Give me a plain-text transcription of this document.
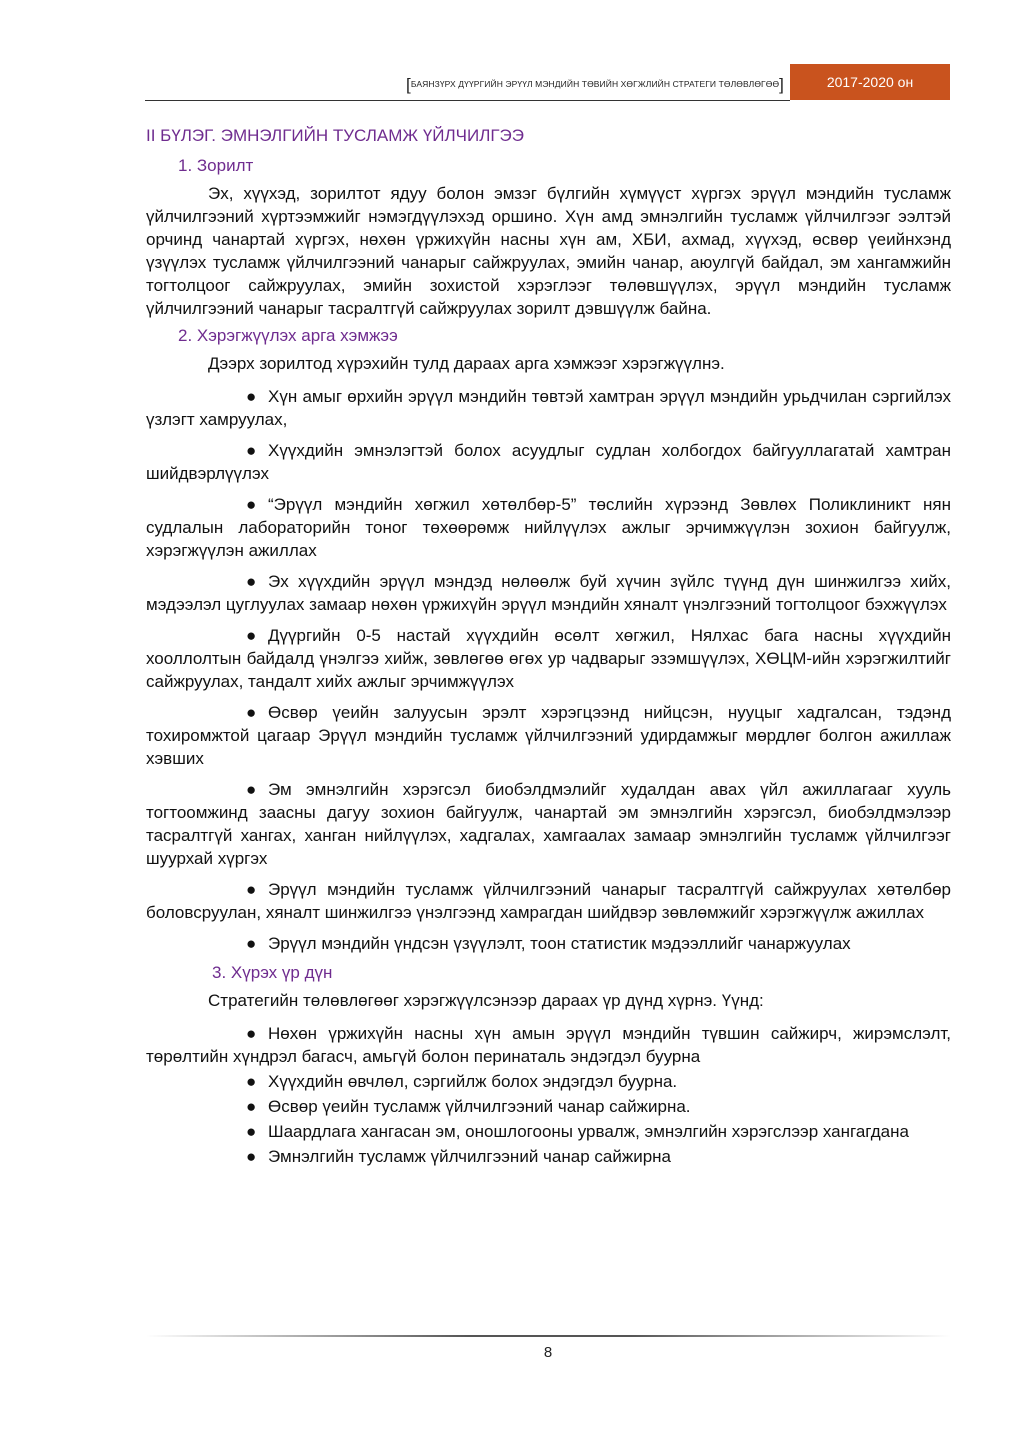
[БАЯНЗҮРХ ДҮҮРГИЙН ЭРҮҮЛ МЭНДИЙН ТӨВИЙН ХӨГЖЛИЙН СТРАТЕГИ ТӨЛӨВЛӨГӨӨ]	2017-2020 он
II БҮЛЭГ. ЭМНЭЛГИЙН ТУСЛАМЖ ҮЙЛЧИЛГЭЭ
1. Зорилт

Эх, хүүхэд, зорилтот ядуу болон эмзэг бүлгийн хүмүүст хүргэх эрүүл мэндийн тусламж үйлчилгээний хүртээмжийг нэмэгдүүлэхэд оршино. Хүн амд эмнэлгийн тусламж үйлчилгээг ээлтэй орчинд чанартай хүргэх, нөхөн үржихүйн насны хүн ам, ХБИ, ахмад, хүүхэд, өсвөр үеийнхэнд үзүүлэх тусламж үйлчилгээний чанарыг сайжруулах, эмийн чанар, аюулгүй байдал, эм хангамжийн тогтолцоог сайжруулах, эмийн зохистой хэрэглээг төлөвшүүлэх, эрүүл мэндийн тусламж үйлчилгээний чанарыг тасралтгүй сайжруулах зорилт дэвшүүлж байна.

2. Хэрэгжүүлэх арга хэмжээ

Дээрх зорилтод хүрэхийн тулд дараах арга хэмжээг хэрэгжүүлнэ.

● Хүн амыг өрхийн эрүүл мэндийн төвтэй хамтран эрүүл мэндийн урьдчилан сэргийлэх үзлэгт хамруулах,

● Хүүхдийн эмнэлэгтэй болох асуудлыг судлан холбогдох байгууллагатай хамтран шийдвэрлүүлэх

● “Эрүүл мэндийн хөгжил хөтөлбөр-5” төслийн хүрээнд Зөвлөх Поликлиникт нян судлалын лабораторийн тоног төхөөрөмж нийлүүлэх ажлыг эрчимжүүлэн зохион байгуулж, хэрэгжүүлэн ажиллах

● Эх хүүхдийн эрүүл мэндэд нөлөөлж буй хүчин зүйлс түүнд дүн шинжилгээ хийх, мэдээлэл цуглуулах замаар нөхөн үржихүйн эрүүл мэндийн хяналт үнэлгээний тогтолцоог бэхжүүлэх

● Дүүргийн 0-5 настай хүүхдийн өсөлт хөгжил, Нялхас бага насны хүүхдийн хооллолтын байдалд үнэлгээ хийж, зөвлөгөө өгөх ур чадварыг эзэмшүүлэх, ХӨЦМ-ийн хэрэгжилтийг сайжруулах, тандалт хийх ажлыг эрчимжүүлэх

● Өсвөр үеийн залуусын эрэлт хэрэгцээнд нийцсэн, нууцыг хадгалсан, тэдэнд тохиромжтой цагаар Эрүүл мэндийн тусламж үйлчилгээний удирдамжыг мөрдлөг болгон ажиллаж хэвших

● Эм эмнэлгийн хэрэгсэл биобэлдмэлийг худалдан авах үйл ажиллагааг хууль тогтоомжинд заасны дагуу зохион байгуулж, чанартай эм эмнэлгийн хэрэгсэл, биобэлдмэлээр тасралтгүй хангах, ханган нийлүүлэх, хадгалах, хамгаалах замаар эмнэлгийн тусламж үйлчилгээг шуурхай хүргэх

● Эрүүл мэндийн тусламж үйлчилгээний чанарыг тасралтгүй сайжруулах хөтөлбөр боловсруулан, хяналт шинжилгээ үнэлгээнд хамрагдан шийдвэр зөвлөмжийг хэрэгжүүлж ажиллах

● Эрүүл мэндийн үндсэн үзүүлэлт, тоон статистик мэдээллийг чанаржуулах

3. Хүрэх үр дүн

Стратегийн төлөвлөгөөг хэрэгжүүлсэнээр дараах үр дүнд хүрнэ. Үүнд:

● Нөхөн үржихүйн насны хүн амын эрүүл мэндийн түвшин сайжирч, жирэмслэлт, төрөлтийн хүндрэл багасч, амьгүй болон перинаталь эндэгдэл буурна

● Хүүхдийн өвчлөл, сэргийлж болох эндэгдэл буурна.

● Өсвөр үеийн тусламж үйлчилгээний чанар сайжирна.

● Шаардлага хангасан эм, оношлогооны урвалж, эмнэлгийн хэрэгслээр хангагдана

● Эмнэлгийн тусламж үйлчилгээний чанар сайжирна

8
